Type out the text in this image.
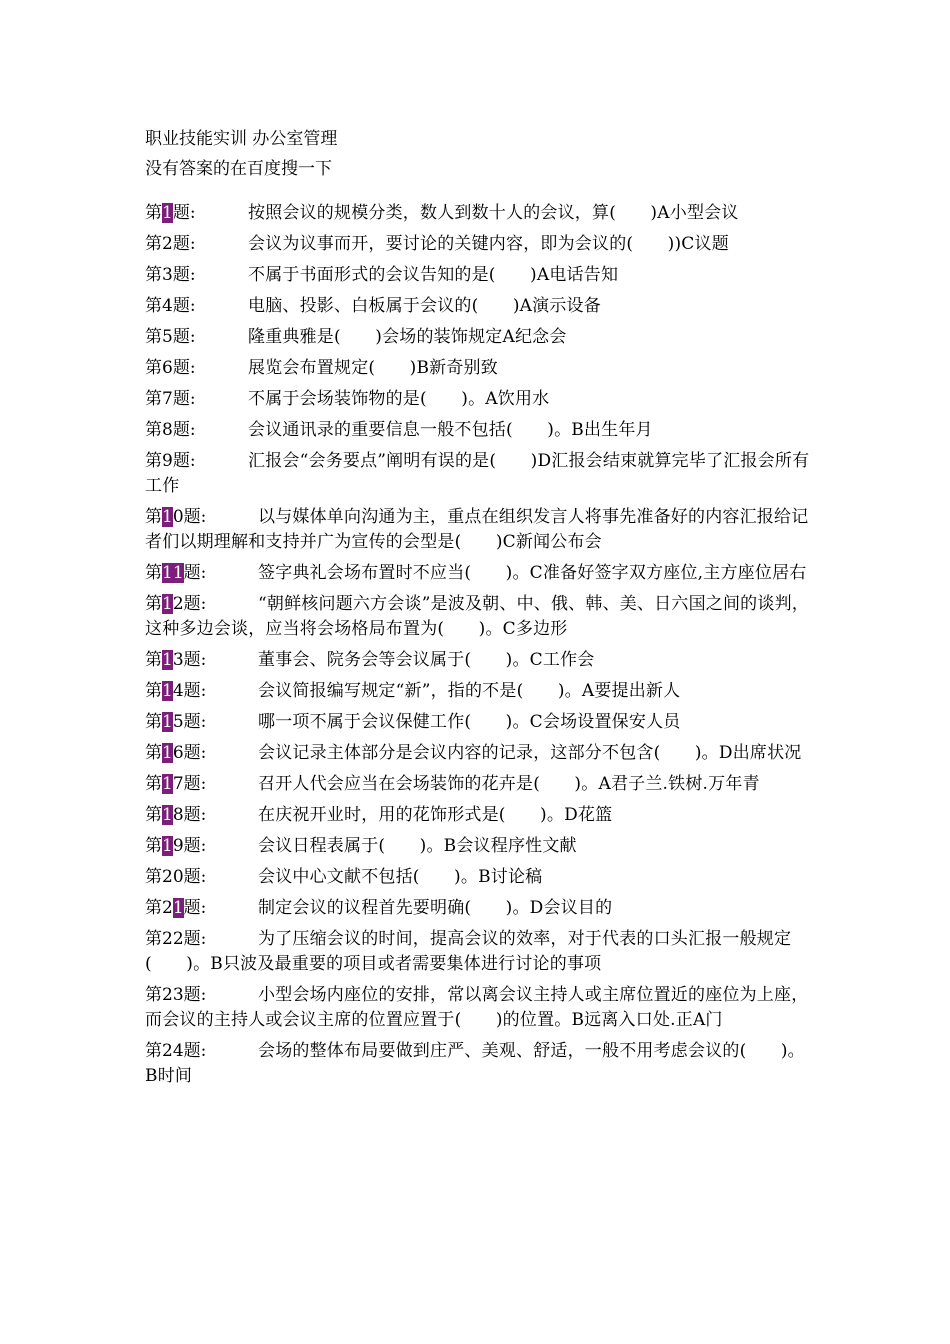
职业技能实训 办公室管理
没有答案的在百度搜一下
第1题:	按照会议的规模分类，数人到数十人的会议，算(　　)A小型会议
第2题:	会议为议事而开，要讨论的关键内容，即为会议的(　　))C议题
第3题:	不属于书面形式的会议告知的是(　　)A电话告知
第4题:	电脑、投影、白板属于会议的(　　)A演示设备
第5题:	隆重典雅是(　　)会场的装饰规定A纪念会
第6题:	展览会布置规定(　　)B新奇别致
第7题:	不属于会场装饰物的是(　　)。A饮用水
第8题:	会议通讯录的重要信息一般不包括(　　)。B出生年月
第9题:	汇报会“会务要点”阐明有误的是(　　)D汇报会结束就算完毕了汇报会所有工作
第10题:	以与媒体单向沟通为主，重点在组织发言人将事先准备好的内容汇报给记者们以期理解和支持并广为宣传的会型是(　　)C新闻公布会
第11题:	签字典礼会场布置时不应当(　　)。C准备好签字双方座位,主方座位居右
第12题:	“朝鲜核问题六方会谈”是波及朝、中、俄、韩、美、日六国之间的谈判，这种多边会谈，应当将会场格局布置为(　　)。C多边形
第13题:	董事会、院务会等会议属于(　　)。C工作会
第14题:	会议简报编写规定“新”，指的不是(　　)。A要提出新人
第15题:	哪一项不属于会议保健工作(　　)。C会场设置保安人员
第16题:	会议记录主体部分是会议内容的记录，这部分不包含(　　)。D出席状况
第17题:	召开人代会应当在会场装饰的花卉是(　　)。A君子兰.铁树.万年青
第18题:	在庆祝开业时，用的花饰形式是(　　)。D花篮
第19题:	会议日程表属于(　　)。B会议程序性文献
第20题:	会议中心文献不包括(　　)。B讨论稿
第21题:	制定会议的议程首先要明确(　　)。D会议目的
第22题:	为了压缩会议的时间，提高会议的效率，对于代表的口头汇报一般规定(　　)。B只波及最重要的项目或者需要集体进行讨论的事项
第23题:	小型会场内座位的安排，常以离会议主持人或主席位置近的座位为上座，而会议的主持人或会议主席的位置应置于(　　)的位置。B远离入口处.正A门
第24题:	会场的整体布局要做到庄严、美观、舒适，一般不用考虑会议的(　　)。B时间
